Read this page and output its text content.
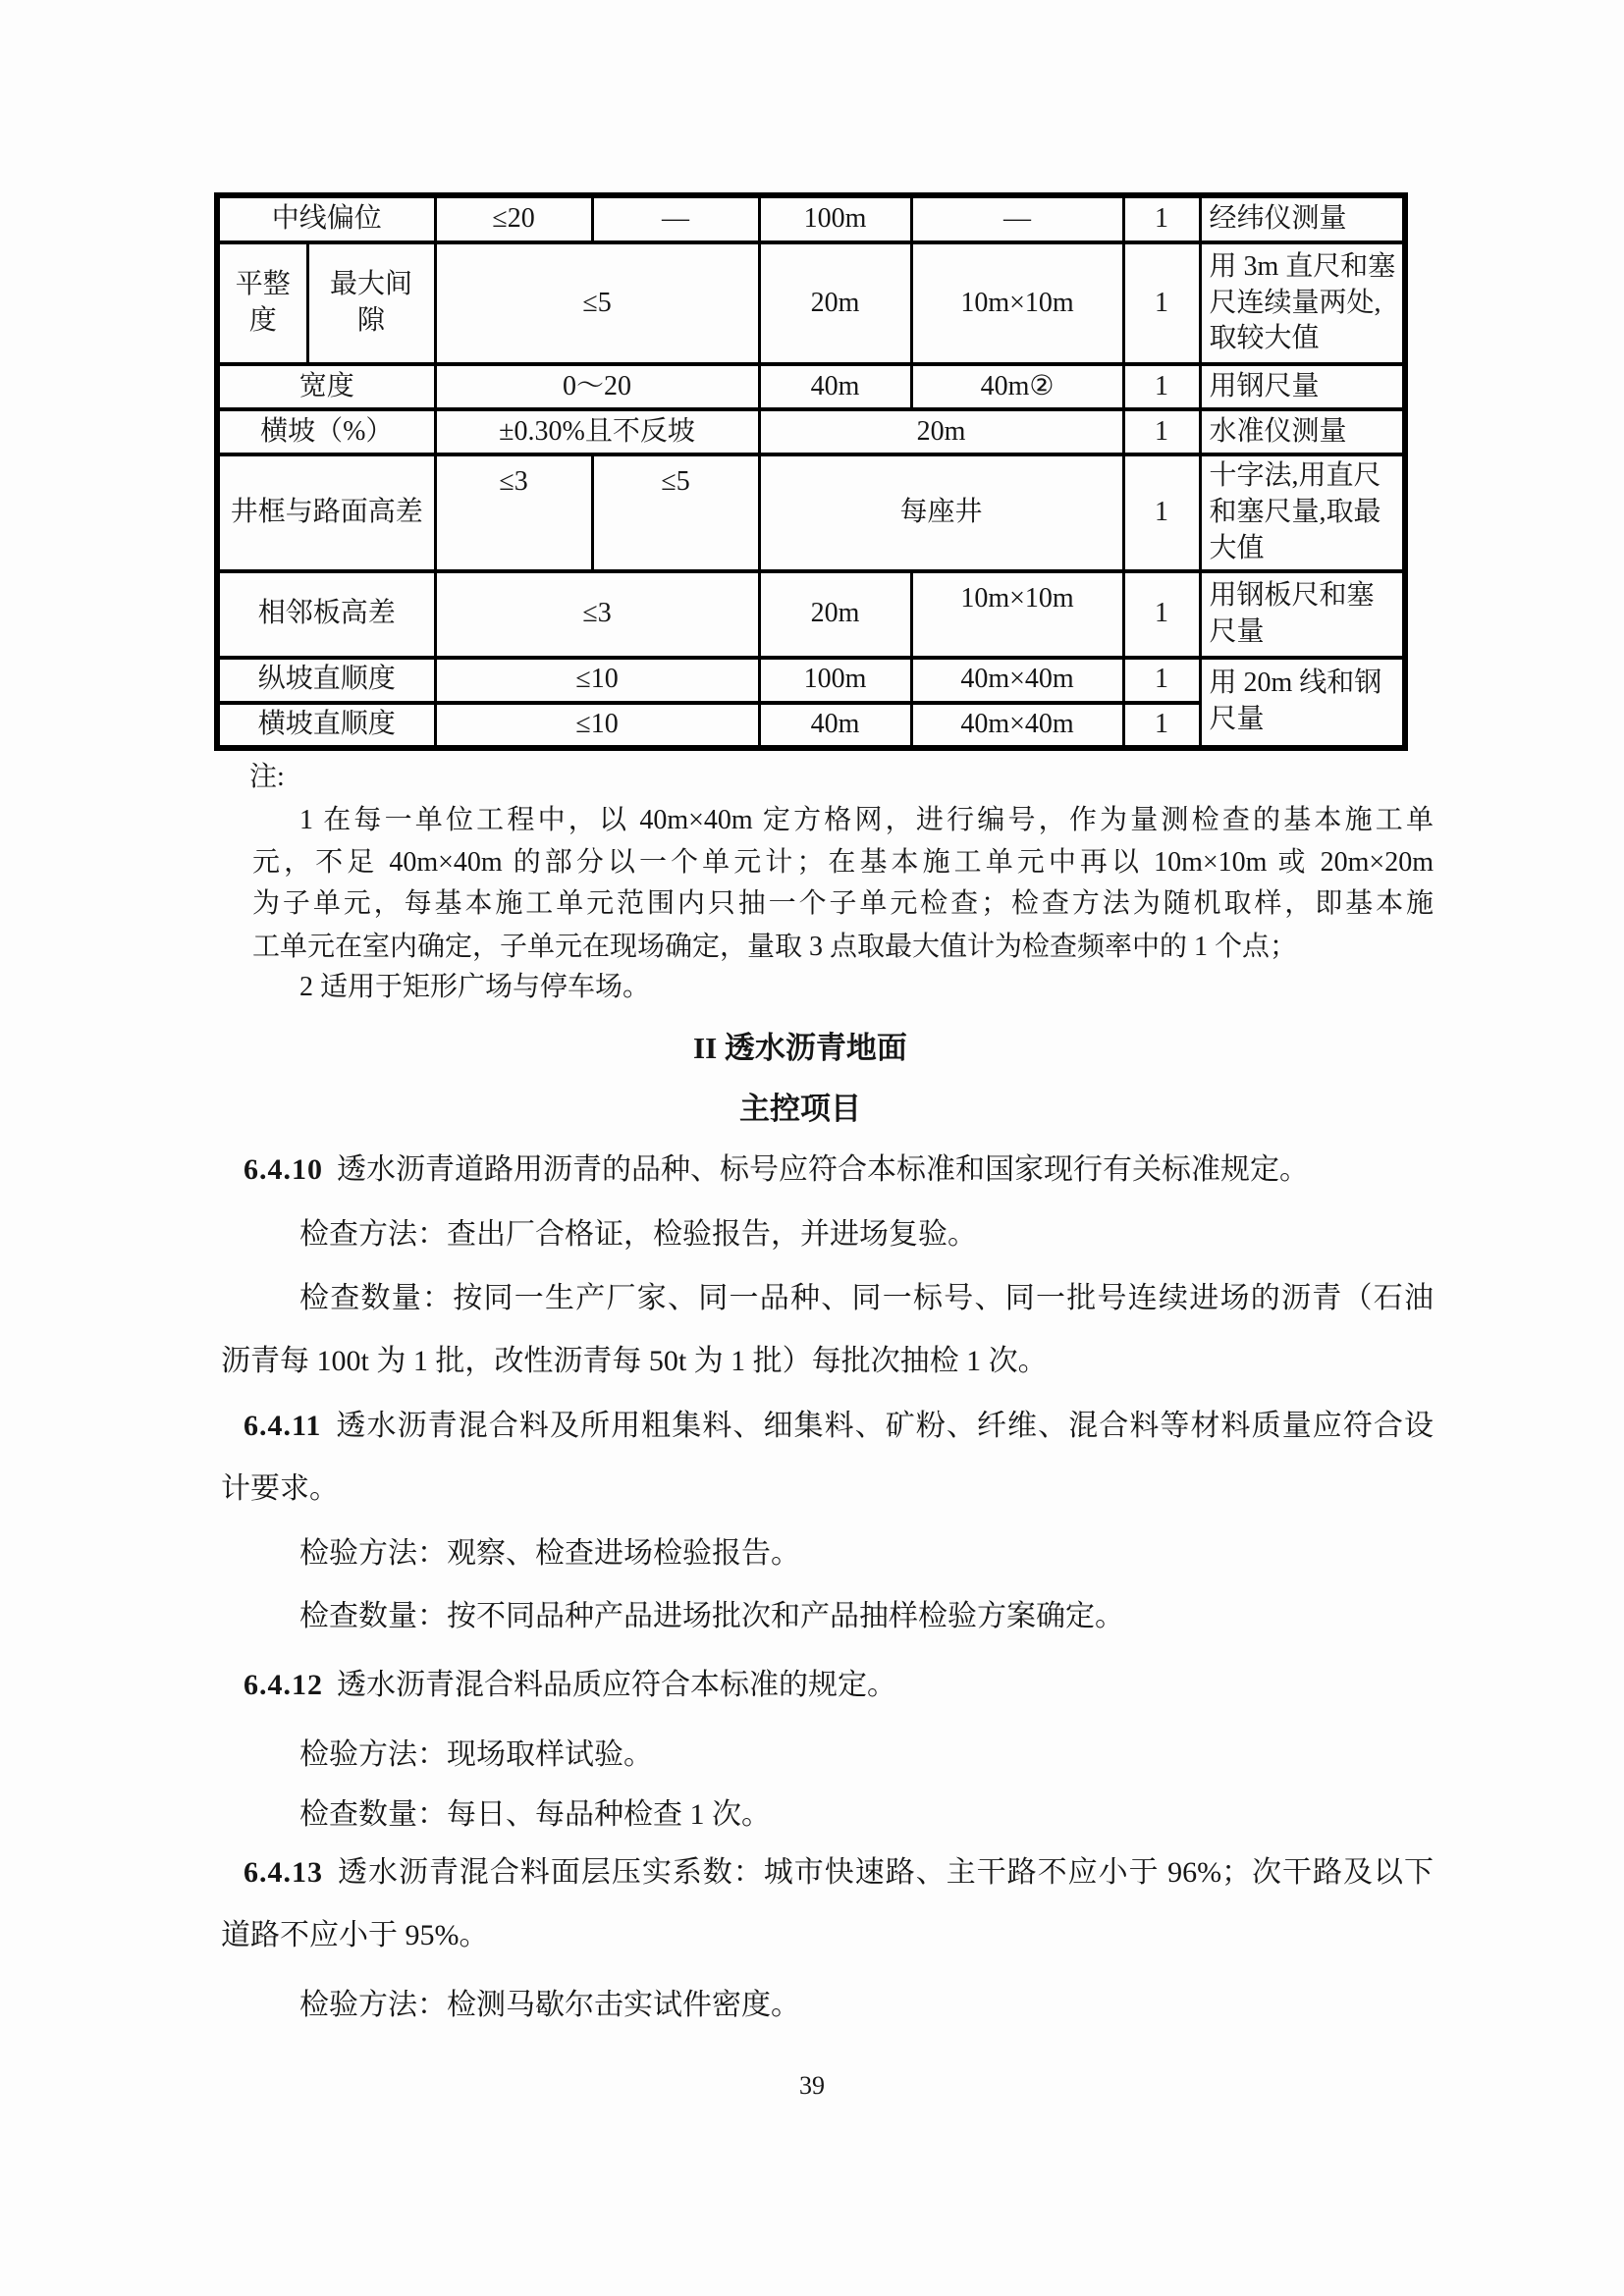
中线偏位		≤20	—	100m	—	1	经纬仪测量
平整度	最大间隙	≤5		20m	10m×10m	1	用 3m 直尺和塞尺连续量两处,取较大值
宽度		0～20		40m	40m②	1	用钢尺量
横坡（%）		±0.30%且不反坡		20m		1	水准仪测量
井框与路面高差		≤3	≤5	每座井		1	十字法,用直尺和塞尺量,取最大值
相邻板高差		≤3		20m	10m×10m	1	用钢板尺和塞尺量
纵坡直顺度		≤10		100m	40m×40m	1	用 20m 线和钢尺量
横坡直顺度		≤10		40m	40m×40m	1	
注:
1 在每一单位工程中，以 40m×40m 定方格网，进行编号，作为量测检查的基本施工单
元，不足 40m×40m 的部分以一个单元计；在基本施工单元中再以 10m×10m 或 20m×20m
为子单元，每基本施工单元范围内只抽一个子单元检查；检查方法为随机取样，即基本施
工单元在室内确定，子单元在现场确定，量取 3 点取最大值计为检查频率中的 1 个点；
2 适用于矩形广场与停车场。
II 透水沥青地面
主控项目
6.4.10 透水沥青道路用沥青的品种、标号应符合本标准和国家现行有关标准规定。
检查方法：查出厂合格证，检验报告，并进场复验。
检查数量：按同一生产厂家、同一品种、同一标号、同一批号连续进场的沥青（石油
沥青每 100t 为 1 批，改性沥青每 50t 为 1 批）每批次抽检 1 次。
6.4.11 透水沥青混合料及所用粗集料、细集料、矿粉、纤维、混合料等材料质量应符合设
计要求。
检验方法：观察、检查进场检验报告。
检查数量：按不同品种产品进场批次和产品抽样检验方案确定。
6.4.12 透水沥青混合料品质应符合本标准的规定。
检验方法：现场取样试验。
检查数量：每日、每品种检查 1 次。
6.4.13 透水沥青混合料面层压实系数：城市快速路、主干路不应小于 96%；次干路及以下
道路不应小于 95%。
检验方法：检测马歇尔击实试件密度。
39
